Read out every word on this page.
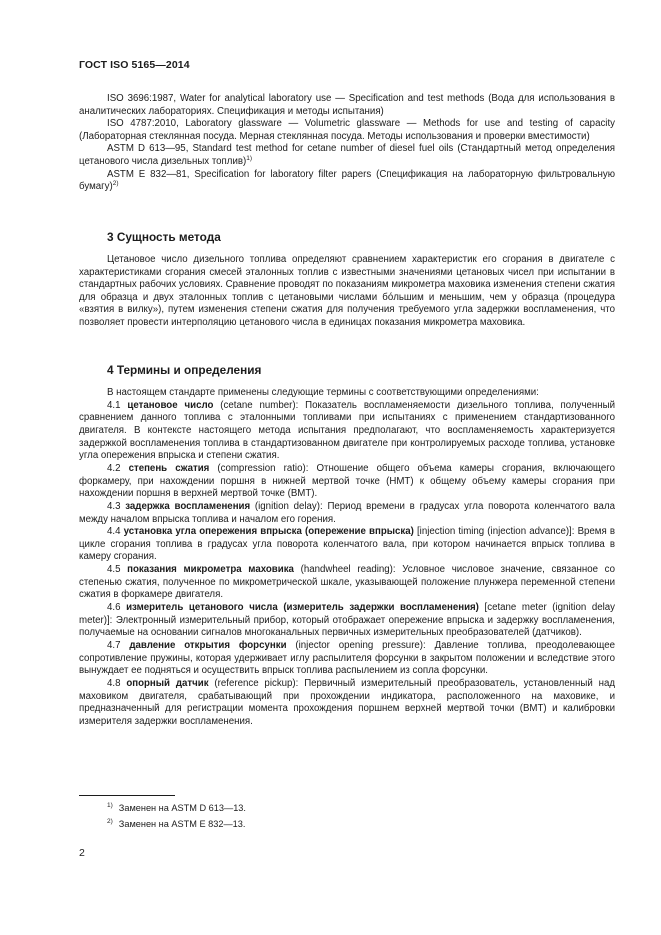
ГОСТ ISO 5165—2014

ISO 3696:1987, Water for analytical laboratory use — Specification and test methods (Вода для использования в аналитических лабораториях. Спецификация и методы испытания)

ISO 4787:2010, Laboratory glassware — Volumetric glassware — Methods for use and testing of capacity (Лабораторная стеклянная посуда. Мерная стеклянная посуда. Методы использования и проверки вместимости)

ASTM D 613—95, Standard test method for cetane number of diesel fuel oils (Стандартный метод определения цетанового числа дизельных топлив)$^{1)}$

ASTM E 832—81, Specification for laboratory filter papers (Спецификация на лабораторную фильтровальную бумагу)$^{2)}$

3 Сущность метода

Цетановое число дизельного топлива определяют сравнением характеристик его сгорания в двигателе с характеристиками сгорания смесей эталонных топлив с известными значениями цетановых чисел при испытании в стандартных рабочих условиях. Сравнение проводят по показаниям микрометра маховика изменения степени сжатия для образца и двух эталонных топлив с цетановыми числами бо́льшим и меньшим, чем у образца (процедура «взятия в вилку»), путем изменения степени сжатия для получения требуемого угла задержки воспламенения, что позволяет провести интерполяцию цетанового числа в единицах показания микрометра маховика.

4 Термины и определения

В настоящем стандарте применены следующие термины с соответствующими определениями:

4.1 цетановое число (cetane number): Показатель воспламеняемости дизельного топлива, полученный сравнением данного топлива с эталонными топливами при испытаниях с применением стандартизованного двигателя. В контексте настоящего метода испытания предполагают, что воспламеняемость характеризуется задержкой воспламенения топлива в стандартизованном двигателе при контролируемых расходе топлива, установке угла опережения впрыска и степени сжатия.

4.2 степень сжатия (compression ratio): Отношение общего объема камеры сгорания, включающего форкамеру, при нахождении поршня в нижней мертвой точке (НМТ) к общему объему камеры сгорания при нахождении поршня в верхней мертвой точке (ВМТ).

4.3 задержка воспламенения (ignition delay): Период времени в градусах угла поворота коленчатого вала между началом впрыска топлива и началом его горения.

4.4 установка угла опережения впрыска (опережение впрыска) [injection timing (injection advance)]: Время в цикле сгорания топлива в градусах угла поворота коленчатого вала, при котором начинается впрыск топлива в камеру сгорания.

4.5 показания микрометра маховика (handwheel reading): Условное числовое значение, связанное со степенью сжатия, полученное по микрометрической шкале, указывающей положение плунжера переменной степени сжатия в форкамере двигателя.

4.6 измеритель цетанового числа (измеритель задержки воспламенения) [cetane meter (ignition delay meter)]: Электронный измерительный прибор, который отображает опережение впрыска и задержку воспламенения, получаемые на основании сигналов многоканальных первичных измерительных преобразователей (датчиков).

4.7 давление открытия форсунки (injector opening pressure): Давление топлива, преодолевающее сопротивление пружины, которая удерживает иглу распылителя форсунки в закрытом положении и вследствие этого вынуждает ее подняться и осуществить впрыск топлива распылением из сопла форсунки.

4.8 опорный датчик (reference pickup): Первичный измерительный преобразователь, установленный над маховиком двигателя, срабатывающий при прохождении индикатора, расположенного на маховике, и предназначенный для регистрации момента прохождения поршнем верхней мертвой точки (ВМТ) и калибровки измерителя задержки воспламенения.

$^{1)}$ Заменен на ASTM D 613—13.
$^{2)}$ Заменен на ASTM E 832—13.
2
